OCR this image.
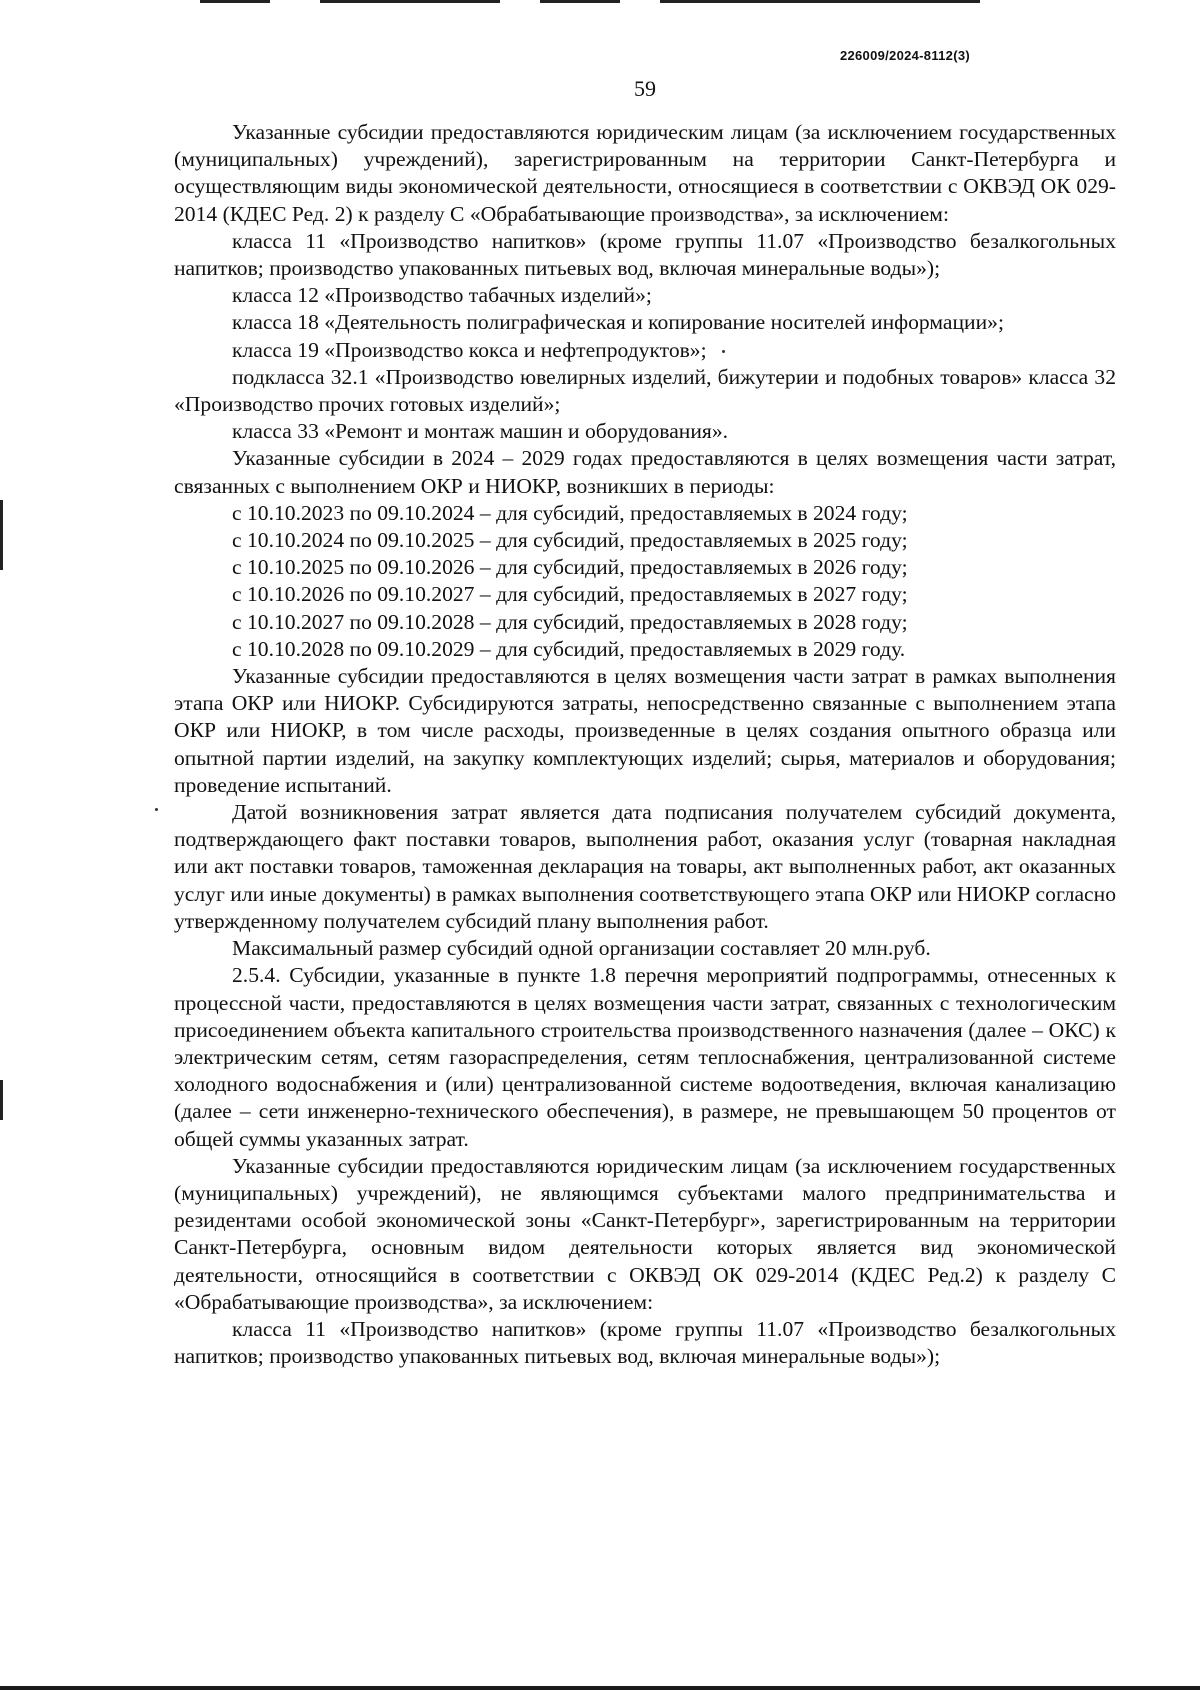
226009/2024-8112(3)
59

Указанные субсидии предоставляются юридическим лицам (за исключением государственных (муниципальных) учреждений), зарегистрированным на территории Санкт-Петербурга и осуществляющим виды экономической деятельности, относящиеся в соответствии с ОКВЭД ОК 029-2014 (КДЕС Ред. 2) к разделу С «Обрабатывающие производства», за исключением:

класса 11 «Производство напитков» (кроме группы 11.07 «Производство безалкогольных напитков; производство упакованных питьевых вод, включая минеральные воды»);

класса 12 «Производство табачных изделий»;

класса 18 «Деятельность полиграфическая и копирование носителей информации»;

класса 19 «Производство кокса и нефтепродуктов»;

подкласса 32.1 «Производство ювелирных изделий, бижутерии и подобных товаров» класса 32 «Производство прочих готовых изделий»;

класса 33 «Ремонт и монтаж машин и оборудования».

Указанные субсидии в 2024 – 2029 годах предоставляются в целях возмещения части затрат, связанных с выполнением ОКР и НИОКР, возникших в периоды:

с 10.10.2023 по 09.10.2024 – для субсидий, предоставляемых в 2024 году;

с 10.10.2024 по 09.10.2025 – для субсидий, предоставляемых в 2025 году;

с 10.10.2025 по 09.10.2026 – для субсидий, предоставляемых в 2026 году;

с 10.10.2026 по 09.10.2027 – для субсидий, предоставляемых в 2027 году;

с 10.10.2027 по 09.10.2028 – для субсидий, предоставляемых в 2028 году;

с 10.10.2028 по 09.10.2029 – для субсидий, предоставляемых в 2029 году.

Указанные субсидии предоставляются в целях возмещения части затрат в рамках выполнения этапа ОКР или НИОКР. Субсидируются затраты, непосредственно связанные с выполнением этапа ОКР или НИОКР, в том числе расходы, произведенные в целях создания опытного образца или опытной партии изделий, на закупку комплектующих изделий; сырья, материалов и оборудования; проведение испытаний.

Датой возникновения затрат является дата подписания получателем субсидий документа, подтверждающего факт поставки товаров, выполнения работ, оказания услуг (товарная накладная или акт поставки товаров, таможенная декларация на товары, акт выполненных работ, акт оказанных услуг или иные документы) в рамках выполнения соответствующего этапа ОКР или НИОКР согласно утвержденному получателем субсидий плану выполнения работ.

Максимальный размер субсидий одной организации составляет 20 млн.руб.

2.5.4. Субсидии, указанные в пункте 1.8 перечня мероприятий подпрограммы, отнесенных к процессной части, предоставляются в целях возмещения части затрат, связанных с технологическим присоединением объекта капитального строительства производственного назначения (далее – ОКС) к электрическим сетям, сетям газораспределения, сетям теплоснабжения, централизованной системе холодного водоснабжения и (или) централизованной системе водоотведения, включая канализацию (далее – сети инженерно-технического обеспечения), в размере, не превышающем 50 процентов от общей суммы указанных затрат.

Указанные субсидии предоставляются юридическим лицам (за исключением государственных (муниципальных) учреждений), не являющимся субъектами малого предпринимательства и резидентами особой экономической зоны «Санкт-Петербург», зарегистрированным на территории Санкт-Петербурга, основным видом деятельности которых является вид экономической деятельности, относящийся в соответствии с ОКВЭД ОК 029-2014 (КДЕС Ред.2) к разделу С «Обрабатывающие производства», за исключением:

класса 11 «Производство напитков» (кроме группы 11.07 «Производство безалкогольных напитков; производство упакованных питьевых вод, включая минеральные воды»);
